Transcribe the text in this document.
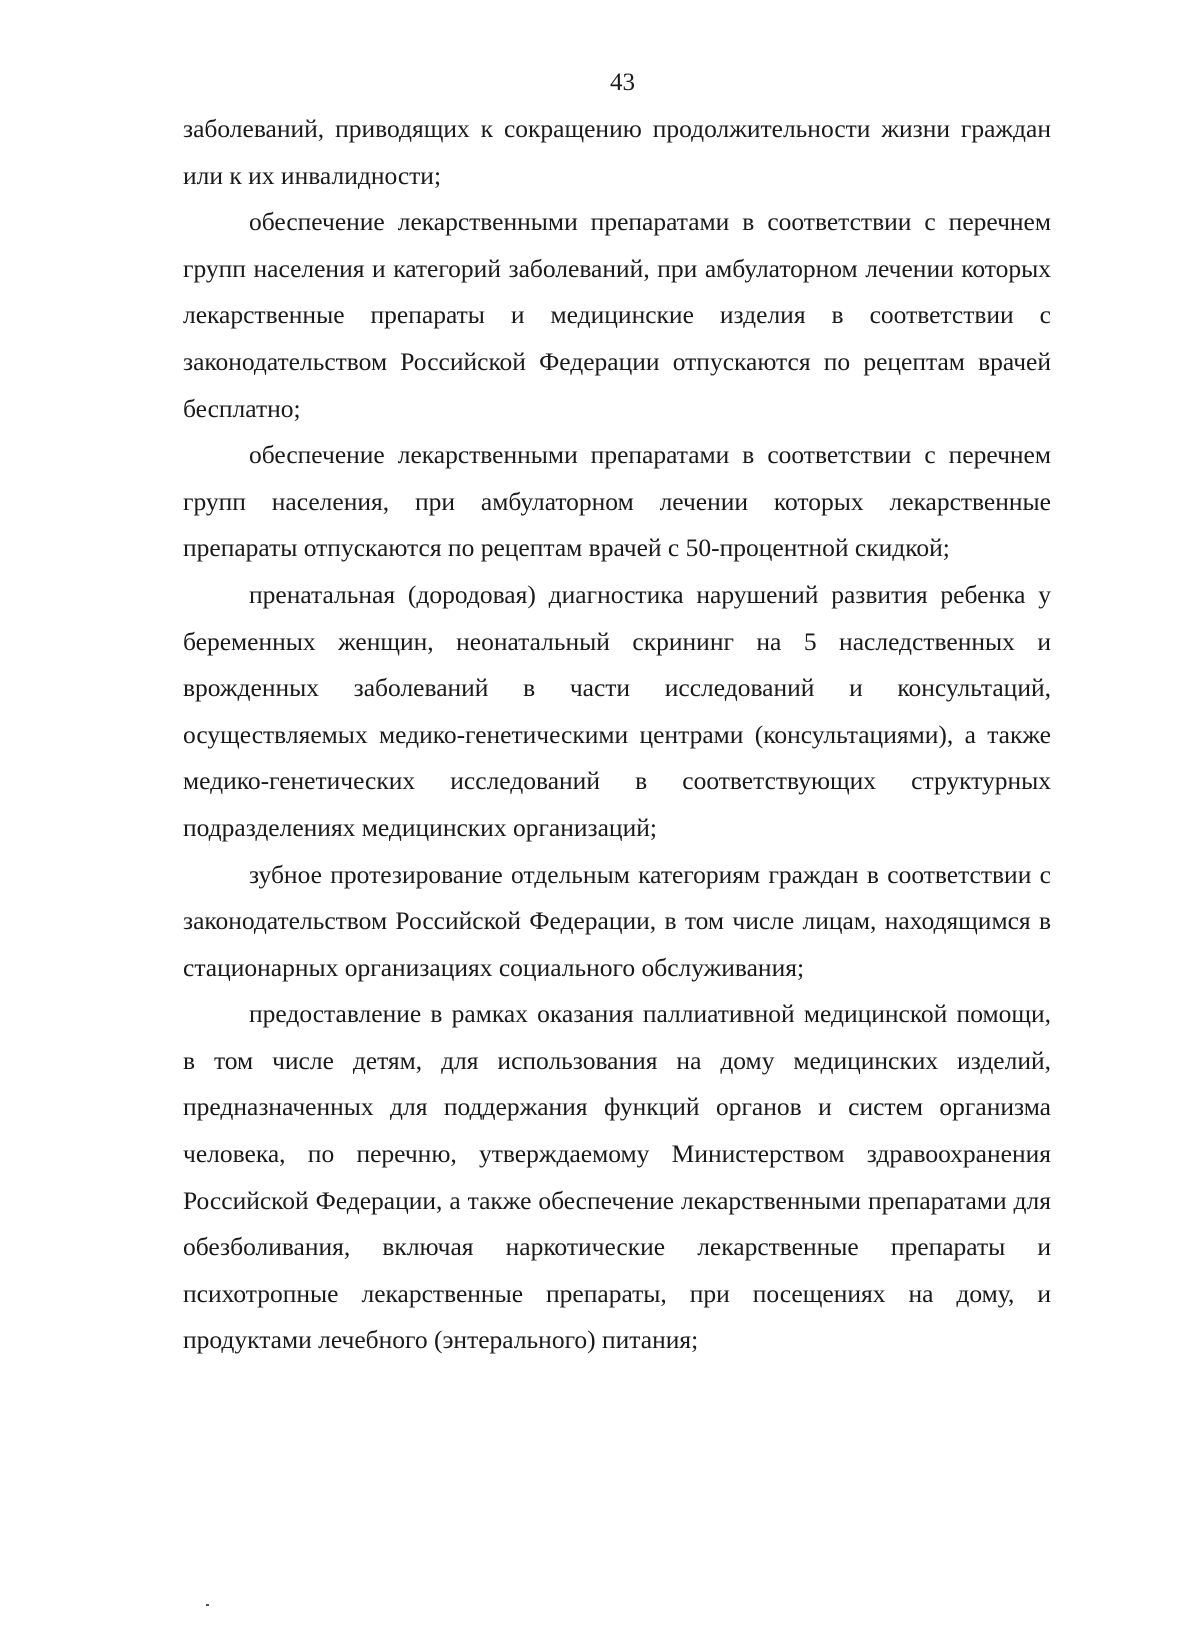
43

заболеваний, приводящих к сокращению продолжительности жизни граждан или к их инвалидности;

обеспечение лекарственными препаратами в соответствии с перечнем групп населения и категорий заболеваний, при амбулаторном лечении которых лекарственные препараты и медицинские изделия в соответствии с законодательством Российской Федерации отпускаются по рецептам врачей бесплатно;

обеспечение лекарственными препаратами в соответствии с перечнем групп населения, при амбулаторном лечении которых лекарственные препараты отпускаются по рецептам врачей с 50-процентной скидкой;

пренатальная (дородовая) диагностика нарушений развития ребенка у беременных женщин, неонатальный скрининг на 5 наследственных и врожденных заболеваний в части исследований и консультаций, осуществляемых медико-генетическими центрами (консультациями), а также медико-генетических исследований в соответствующих структурных подразделениях медицинских организаций;

зубное протезирование отдельным категориям граждан в соответствии с законодательством Российской Федерации, в том числе лицам, находящимся в стационарных организациях социального обслуживания;

предоставление в рамках оказания паллиативной медицинской помощи, в том числе детям, для использования на дому медицинских изделий, предназначенных для поддержания функций органов и систем организма человека, по перечню, утверждаемому Министерством здравоохранения Российской Федерации, а также обеспечение лекарственными препаратами для обезболивания, включая наркотические лекарственные препараты и психотропные лекарственные препараты, при посещениях на дому, и продуктами лечебного (энтерального) питания;
